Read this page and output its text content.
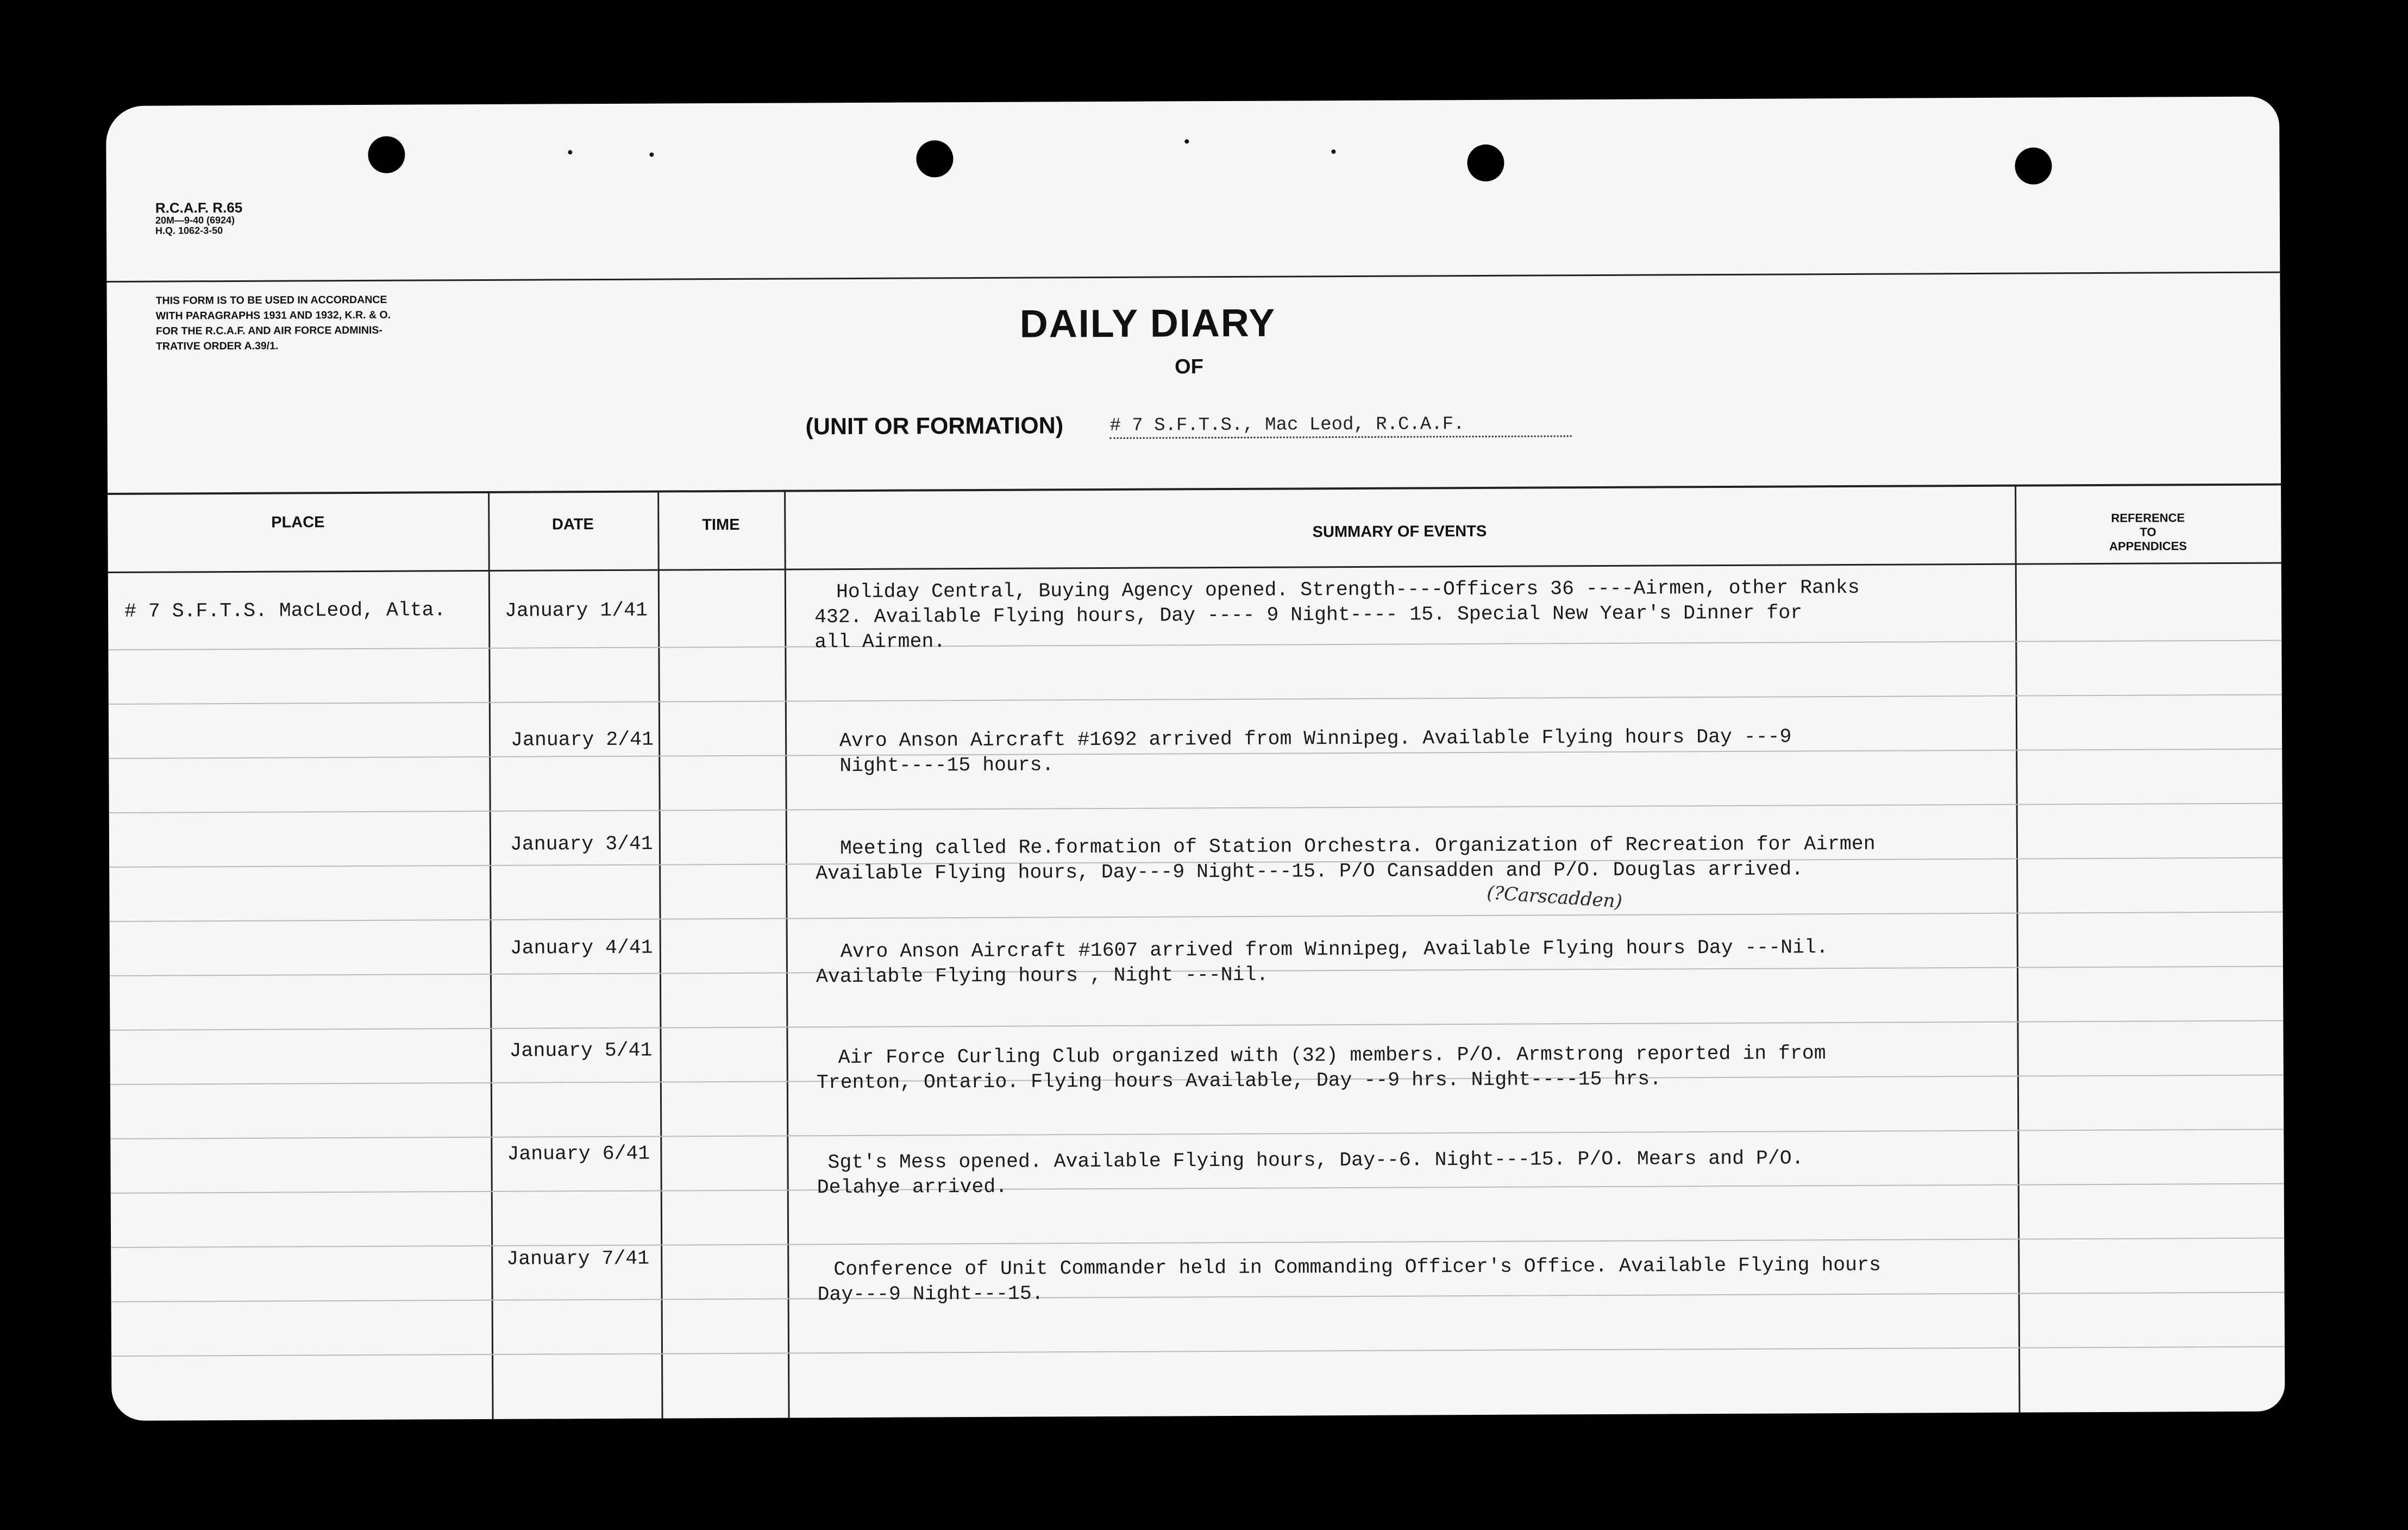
R.C.A.F. R.65
20M—9-40 (6924)
H.Q. 1062-3-50
THIS FORM IS TO BE USED IN ACCORDANCE
WITH PARAGRAPHS 1931 AND 1932, K.R. & O.
FOR THE R.C.A.F. AND AIR FORCE ADMINIS-
TRATIVE ORDER A.39/1.
DAILY DIARY
OF
(UNIT OR FORMATION)	# 7 S.F.T.S., Mac Leod, R.C.A.F.
PLACE	DATE	TIME	SUMMARY OF EVENTS
REFERENCE
TO
APPENDICES
# 7 S.F.T.S. MacLeod, Alta.	January 1/41
Holiday Central, Buying Agency opened. Strength----Officers 36 ----Airmen, other Ranks
432. Available Flying hours, Day ---- 9 Night---- 15. Special New Year's Dinner for
all Airmen.
January 2/41	Avro Anson Aircraft #1692 arrived from Winnipeg. Available Flying hours Day ---9
Night----15 hours.
January 3/41	Meeting called Re.formation of Station Orchestra. Organization of Recreation for Airmen
Available Flying hours, Day---9 Night---15. P/O Cansadden and P/O. Douglas arrived.
(?Carscadden)
January 4/41	Avro Anson Aircraft #1607 arrived from Winnipeg, Available Flying hours Day ---Nil.
Available Flying hours , Night ---Nil.
January 5/41	Air Force Curling Club organized with (32) members. P/O. Armstrong reported in from
Trenton, Ontario. Flying hours Available, Day --9 hrs. Night----15 hrs.
January 6/41	Sgt's Mess opened. Available Flying hours, Day--6. Night---15. P/O. Mears and P/O.
Delahye arrived.
January 7/41	Conference of Unit Commander held in Commanding Officer's Office. Available Flying hours
Day---9 Night---15.
